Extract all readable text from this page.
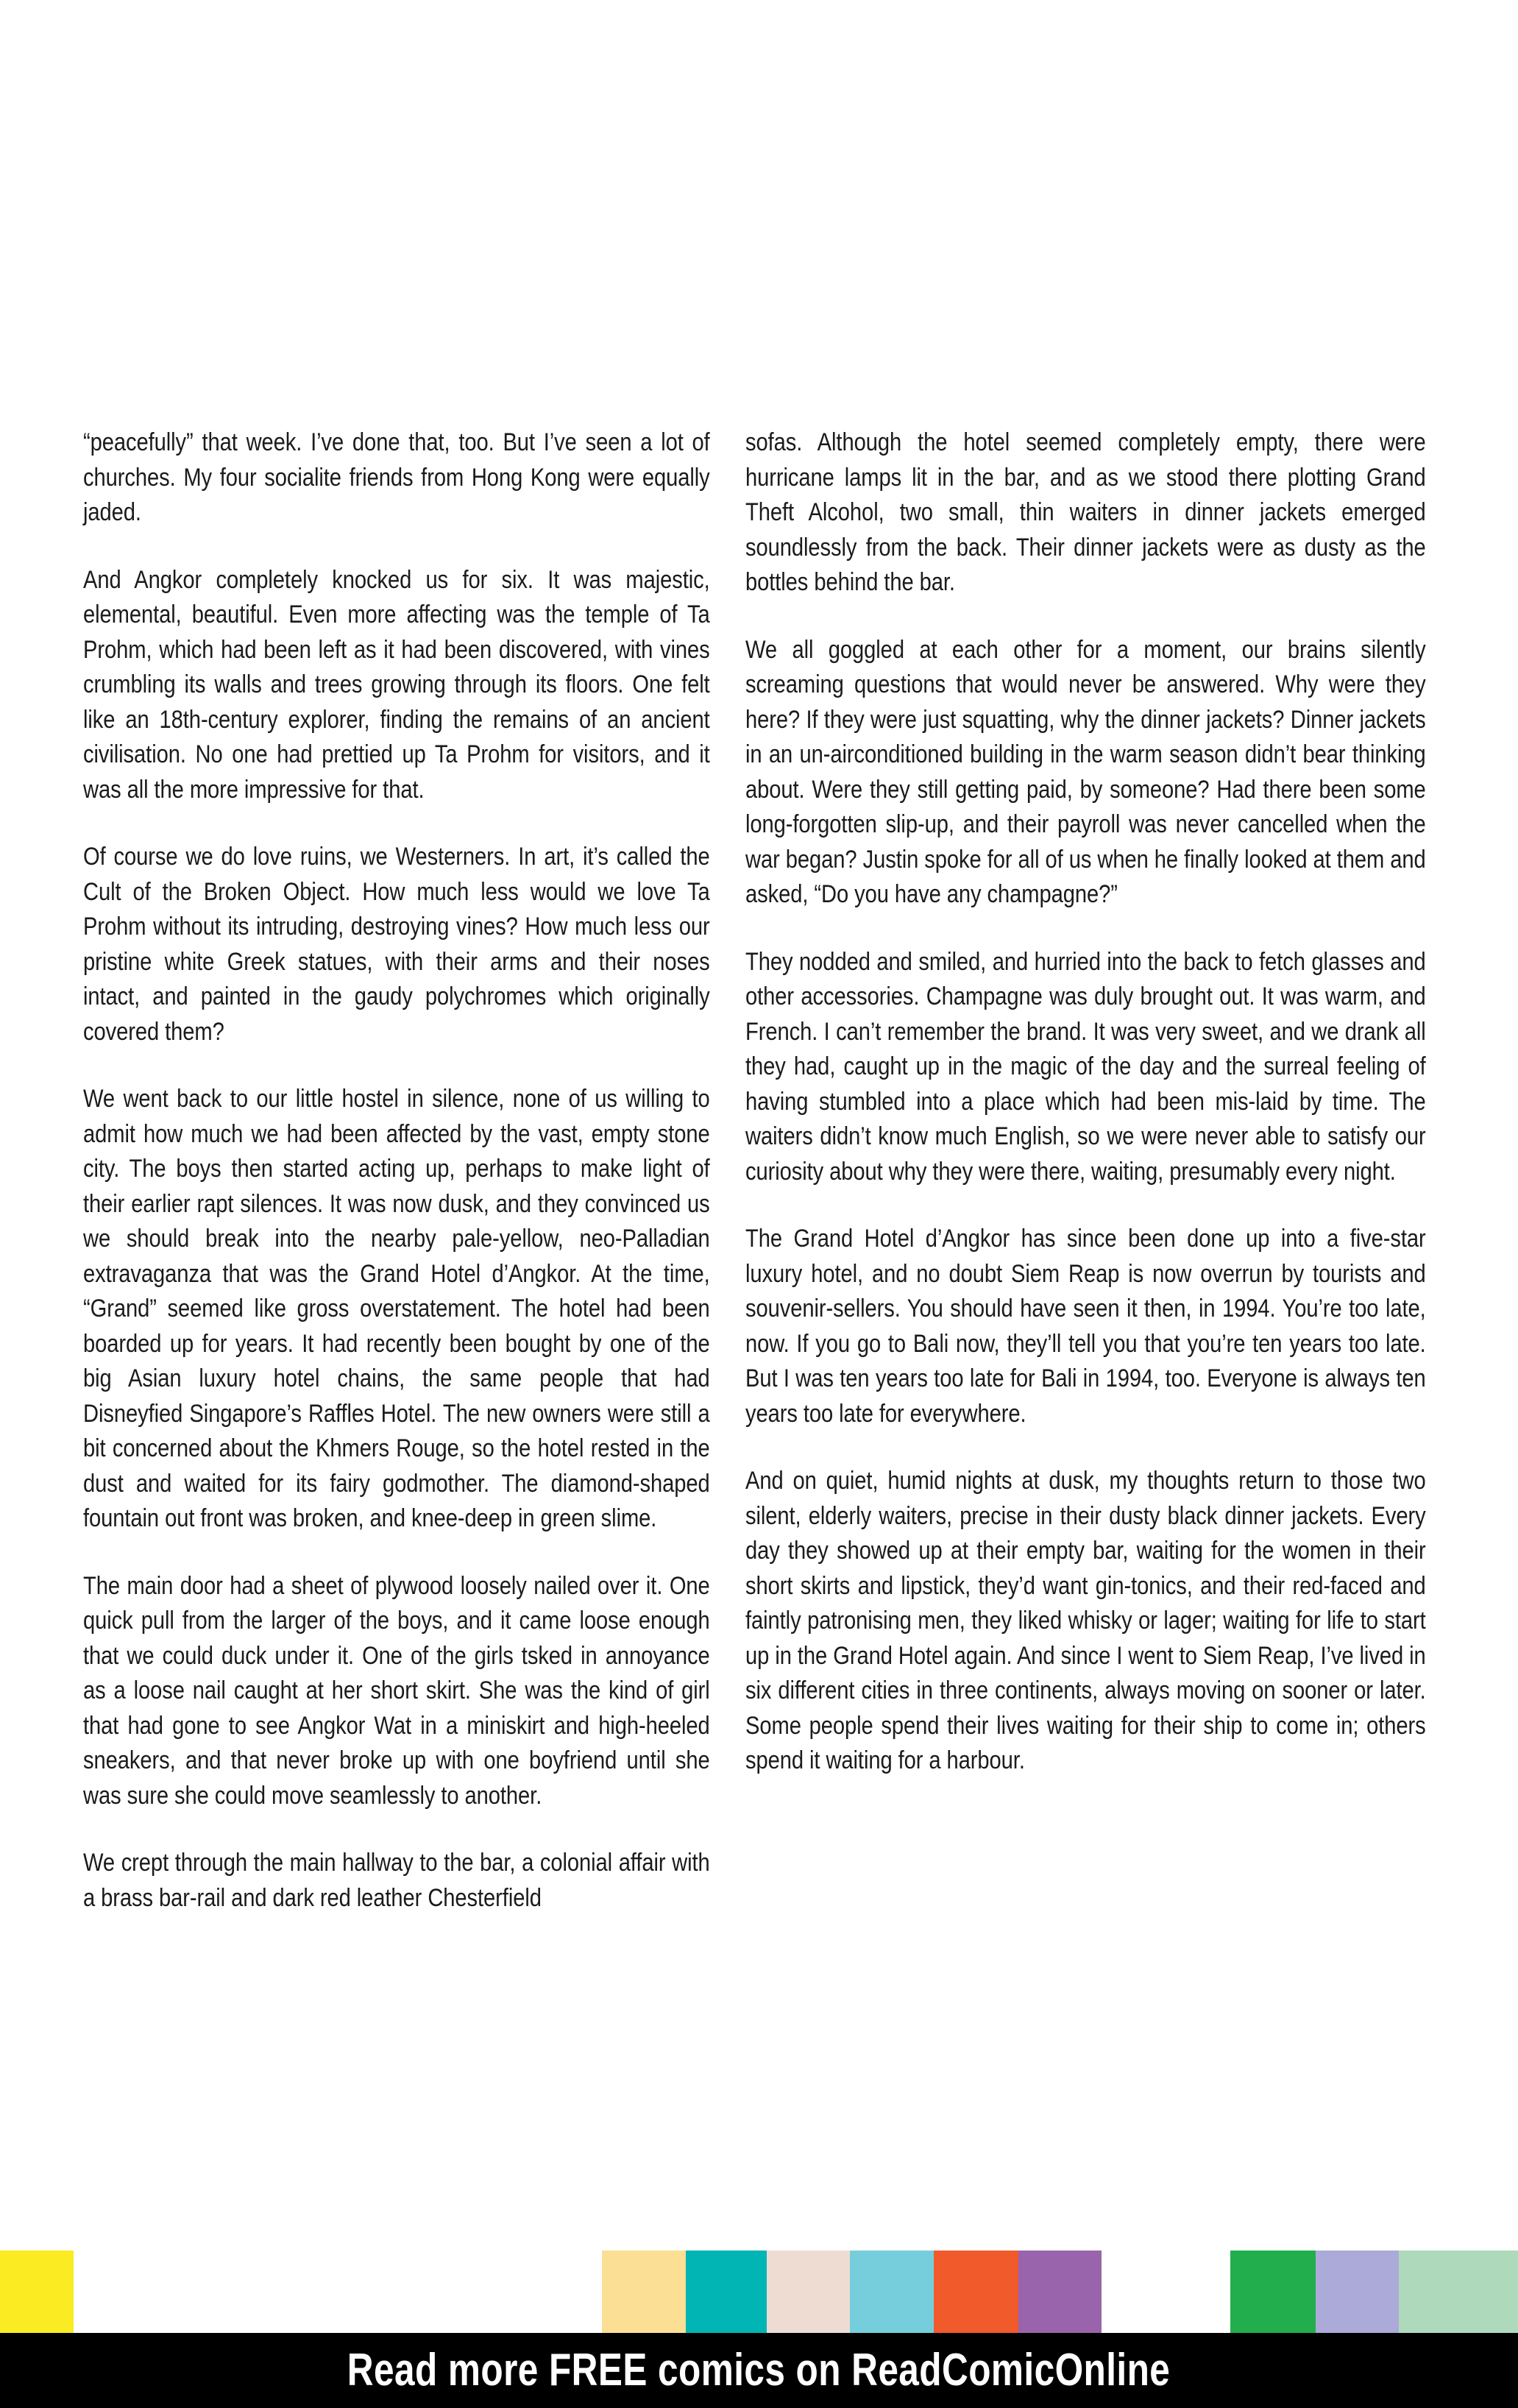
“peacefully” that week. I’ve done that, too. But I’ve seen a lot of churches. My four socialite friends from Hong Kong were equally jaded.

And Angkor completely knocked us for six. It was majestic, elemental, beautiful. Even more affecting was the temple of Ta Prohm, which had been left as it had been discovered, with vines crumbling its walls and trees growing through its floors. One felt like an 18th-century explorer, finding the remains of an ancient civilisation. No one had prettied up Ta Prohm for visitors, and it was all the more impressive for that.

Of course we do love ruins, we Westerners. In art, it’s called the Cult of the Broken Object. How much less would we love Ta Prohm without its intruding, destroying vines? How much less our pristine white Greek statues, with their arms and their noses intact, and painted in the gaudy polychromes which originally covered them?

We went back to our little hostel in silence, none of us willing to admit how much we had been affected by the vast, empty stone city. The boys then started acting up, perhaps to make light of their earlier rapt silences. It was now dusk, and they convinced us we should break into the nearby pale-yellow, neo-Palladian extravaganza that was the Grand Hotel d’Angkor. At the time, “Grand” seemed like gross overstatement. The hotel had been boarded up for years. It had recently been bought by one of the big Asian luxury hotel chains, the same people that had Disneyfied Singapore’s Raffles Hotel. The new owners were still a bit concerned about the Khmers Rouge, so the hotel rested in the dust and waited for its fairy godmother. The diamond-shaped fountain out front was broken, and knee-deep in green slime.

The main door had a sheet of plywood loosely nailed over it. One quick pull from the larger of the boys, and it came loose enough that we could duck under it. One of the girls tsked in annoyance as a loose nail caught at her short skirt. She was the kind of girl that had gone to see Angkor Wat in a miniskirt and high-heeled sneakers, and that never broke up with one boyfriend until she was sure she could move seamlessly to another.

We crept through the main hallway to the bar, a colonial affair with a brass bar-rail and dark red leather Chesterfield

sofas. Although the hotel seemed completely empty, there were hurricane lamps lit in the bar, and as we stood there plotting Grand Theft Alcohol, two small, thin waiters in dinner jackets emerged soundlessly from the back. Their dinner jackets were as dusty as the bottles behind the bar.

We all goggled at each other for a moment, our brains silently screaming questions that would never be answered. Why were they here? If they were just squatting, why the dinner jackets? Dinner jackets in an un-airconditioned building in the warm season didn’t bear thinking about. Were they still getting paid, by someone? Had there been some long-forgotten slip-up, and their payroll was never cancelled when the war began? Justin spoke for all of us when he finally looked at them and asked, “Do you have any champagne?”

They nodded and smiled, and hurried into the back to fetch glasses and other accessories. Champagne was duly brought out. It was warm, and French. I can’t remember the brand. It was very sweet, and we drank all they had, caught up in the magic of the day and the surreal feeling of having stumbled into a place which had been mis-laid by time. The waiters didn’t know much English, so we were never able to satisfy our curiosity about why they were there, waiting, presumably every night.

The Grand Hotel d’Angkor has since been done up into a five-star luxury hotel, and no doubt Siem Reap is now overrun by tourists and souvenir-sellers. You should have seen it then, in 1994. You’re too late, now. If you go to Bali now, they’ll tell you that you’re ten years too late. But I was ten years too late for Bali in 1994, too. Everyone is always ten years too late for everywhere.

And on quiet, humid nights at dusk, my thoughts return to those two silent, elderly waiters, precise in their dusty black dinner jackets. Every day they showed up at their empty bar, waiting for the women in their short skirts and lipstick, they’d want gin-tonics, and their red-faced and faintly patronising men, they liked whisky or lager; waiting for life to start up in the Grand Hotel again. And since I went to Siem Reap, I’ve lived in six different cities in three continents, always moving on sooner or later. Some people spend their lives waiting for their ship to come in; others spend it waiting for a harbour.

Read more FREE comics on ReadComicOnline
